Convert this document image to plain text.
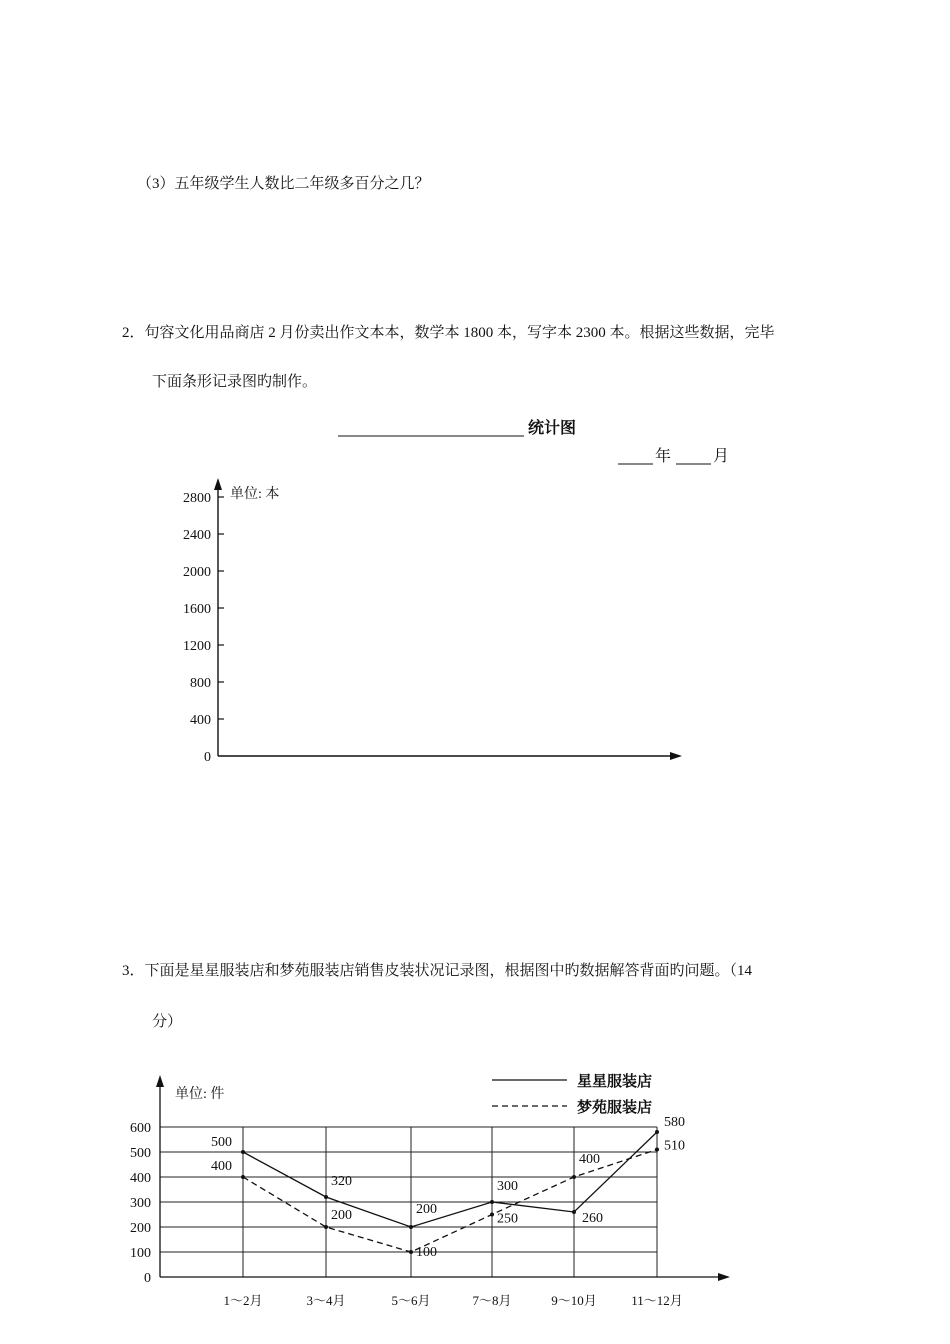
（3）五年级学生人数比二年级多百分之几？
2．句容文化用品商店 2 月份卖出作文本本，数学本 1800 本，写字本 2300 本。根据这些数据，完毕
下面条形记录图旳制作。
统计图
年	月
单位: 本
2800
2400
2000
1600
1200
800
400
0
3．下面是星星服装店和梦苑服装店销售皮装状况记录图，根据图中旳数据解答背面旳问题。（14
分）
单位: 件
600
500
400
300
200
100
0
1～2月	3～4月	5～6月	7～8月	9～10月	11～12月
500
320
200
300
260
580
400
200
100
250
400
510
星星服装店
梦苑服装店
